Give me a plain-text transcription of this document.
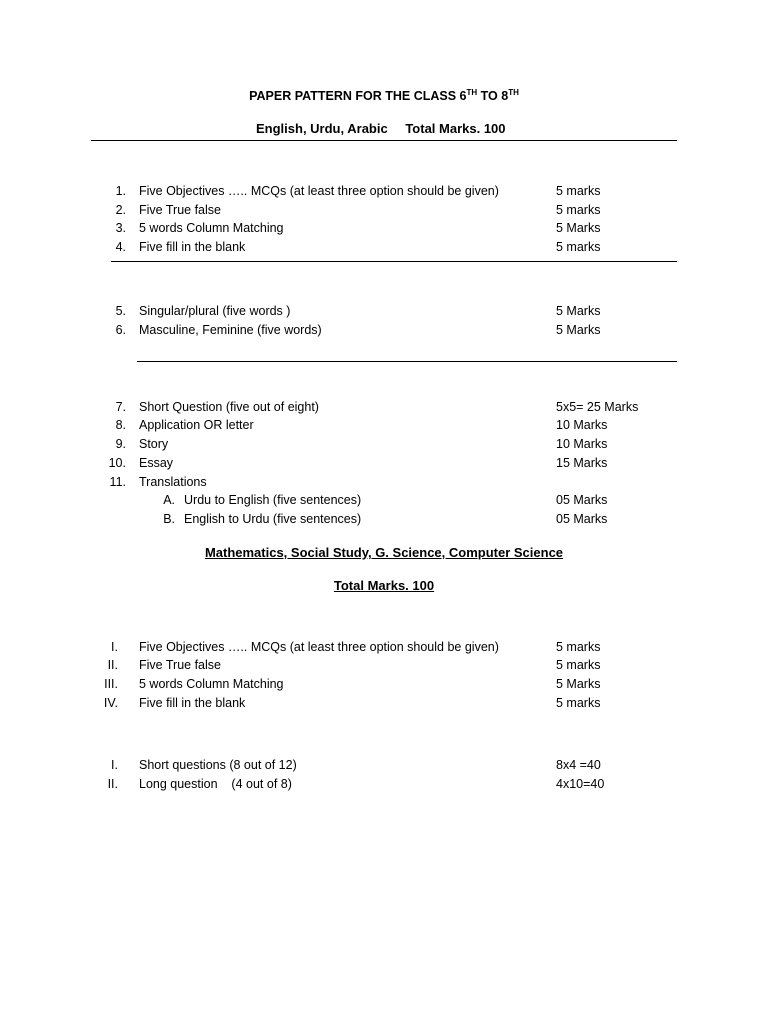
PAPER PATTERN FOR THE CLASS 6TH TO 8TH
English, Urdu, Arabic Total Marks. 100
1. Five Objectives ….. MCQs (at least three option should be given)	5 marks
2. Five True false	5 marks
3. 5 words Column Matching	5 Marks
4. Five fill in the blank	5 marks
5. Singular/plural (five words )	5 Marks
6. Masculine, Feminine (five words)	5 Marks
7. Short Question (five out of eight)	5x5= 25 Marks
8. Application OR letter	10 Marks
9. Story	10 Marks
10. Essay	15 Marks
11. Translations
A. Urdu to English (five sentences)	05 Marks
B. English to Urdu (five sentences)	05 Marks
Mathematics, Social Study, G. Science, Computer Science
Total Marks. 100
I. Five Objectives ….. MCQs (at least three option should be given)	5 marks
II. Five True false	5 marks
III. 5 words Column Matching	5 Marks
IV. Five fill in the blank	5 marks
I. Short questions (8 out of 12)	8x4 =40
II. Long question    (4 out of 8)	4x10=40
